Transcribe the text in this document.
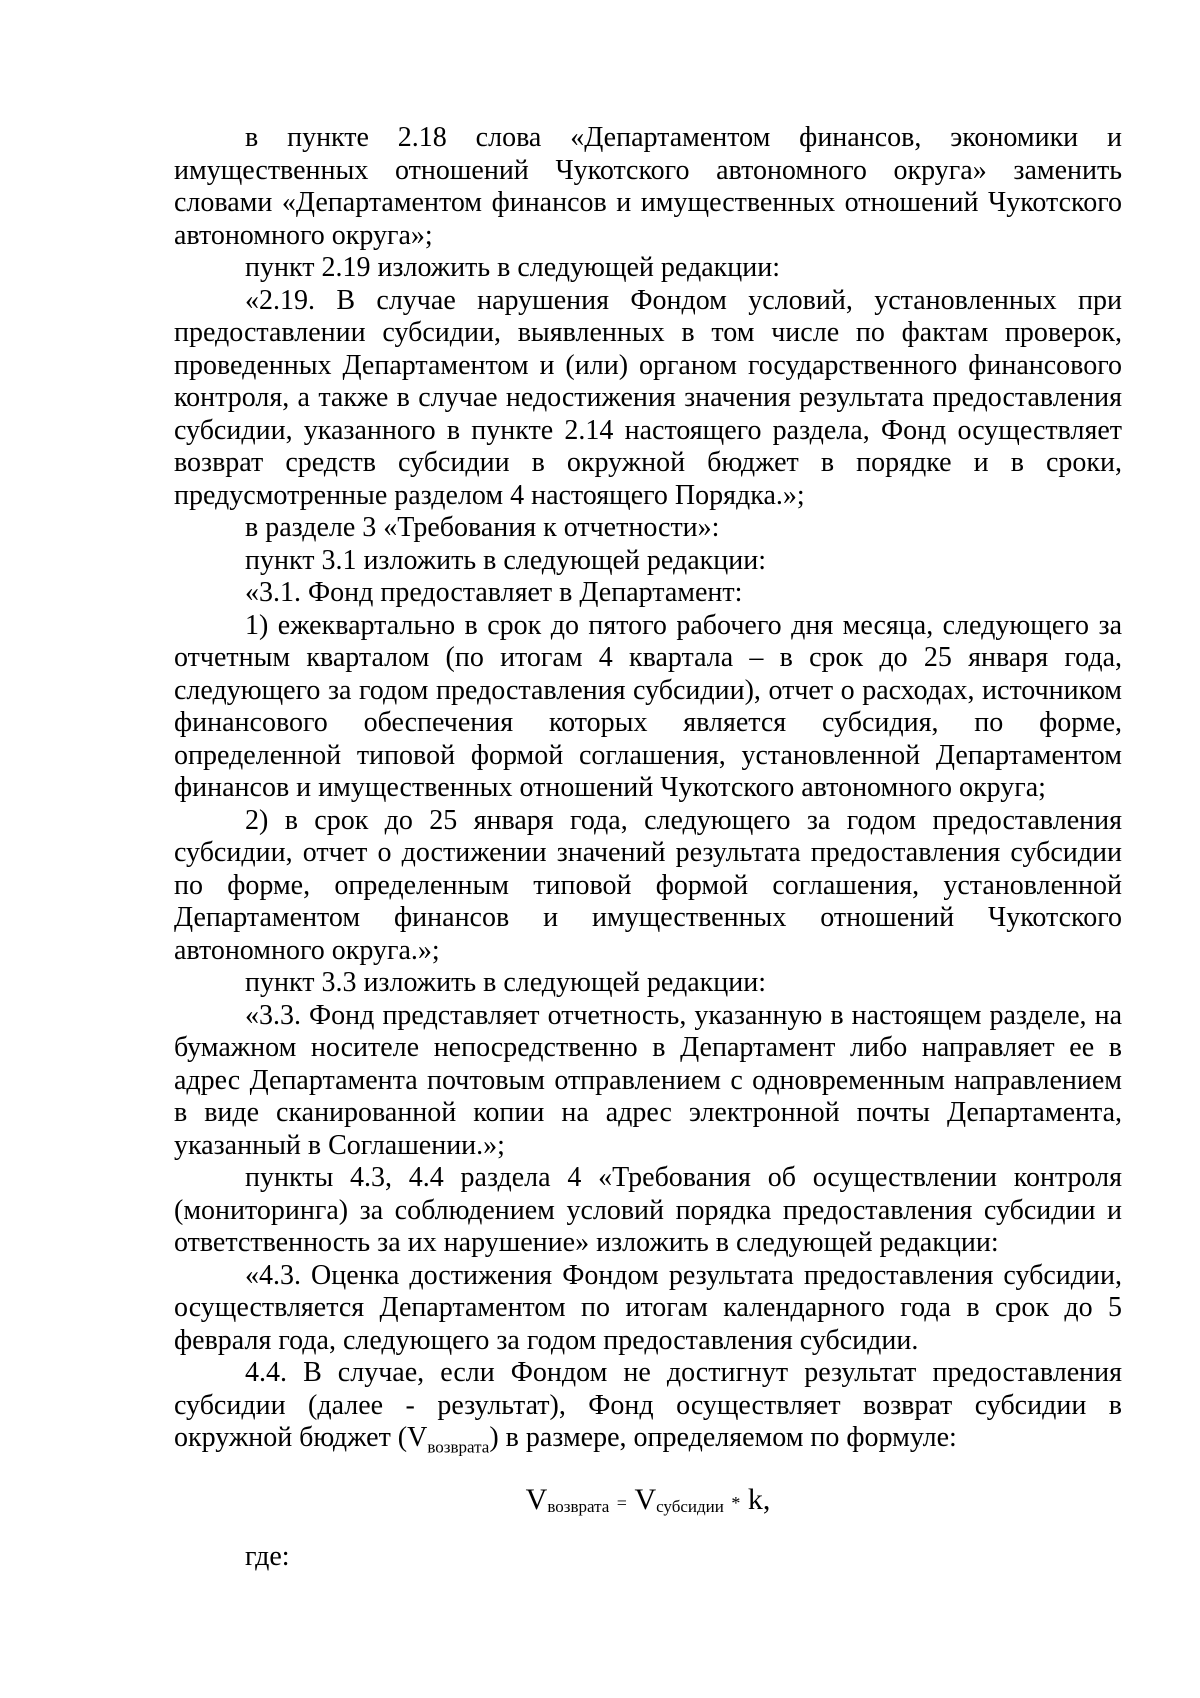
в пункте 2.18 слова «Департаментом финансов, экономики и имущественных отношений Чукотского автономного округа» заменить словами «Департаментом финансов и имущественных отношений Чукотского автономного округа»;

пункт 2.19 изложить в следующей редакции:

«2.19. В случае нарушения Фондом условий, установленных при предоставлении субсидии, выявленных в том числе по фактам проверок, проведенных Департаментом и (или) органом государственного финансового контроля, а также в случае недостижения значения результата предоставления субсидии, указанного в пункте 2.14 настоящего раздела, Фонд осуществляет возврат средств субсидии в окружной бюджет в порядке и в сроки, предусмотренные разделом 4 настоящего Порядка.»;

в разделе 3 «Требования к отчетности»:

пункт 3.1 изложить в следующей редакции:

«3.1. Фонд предоставляет в Департамент:

1) ежеквартально в срок до пятого рабочего дня месяца, следующего за отчетным кварталом (по итогам 4 квартала – в срок до 25 января года, следующего за годом предоставления субсидии), отчет о расходах, источником финансового обеспечения которых является субсидия, по форме, определенной типовой формой соглашения, установленной Департаментом финансов и имущественных отношений Чукотского автономного округа;

2) в срок до 25 января года, следующего за годом предоставления субсидии, отчет о достижении значений результата предоставления субсидии по форме, определенным типовой формой соглашения, установленной Департаментом финансов и имущественных отношений Чукотского автономного округа.»;

пункт 3.3 изложить в следующей редакции:

«3.3. Фонд представляет отчетность, указанную в настоящем разделе, на бумажном носителе непосредственно в Департамент либо направляет ее в адрес Департамента почтовым отправлением с одновременным направлением в виде сканированной копии на адрес электронной почты Департамента, указанный в Соглашении.»;

пункты 4.3, 4.4 раздела 4 «Требования об осуществлении контроля (мониторинга) за соблюдением условий порядка предоставления субсидии и ответственность за их нарушение» изложить в следующей редакции:

«4.3. Оценка достижения Фондом результата предоставления субсидии, осуществляется Департаментом по итогам календарного года в срок до 5 февраля года, следующего за годом предоставления субсидии.

4.4. В случае, если Фондом не достигнут результат предоставления субсидии (далее - результат), Фонд осуществляет возврат субсидии в окружной бюджет $(V_{возврата})$ в размере, определяемом по формуле:

Vвозврата = Vсубсидии * k,

где:
